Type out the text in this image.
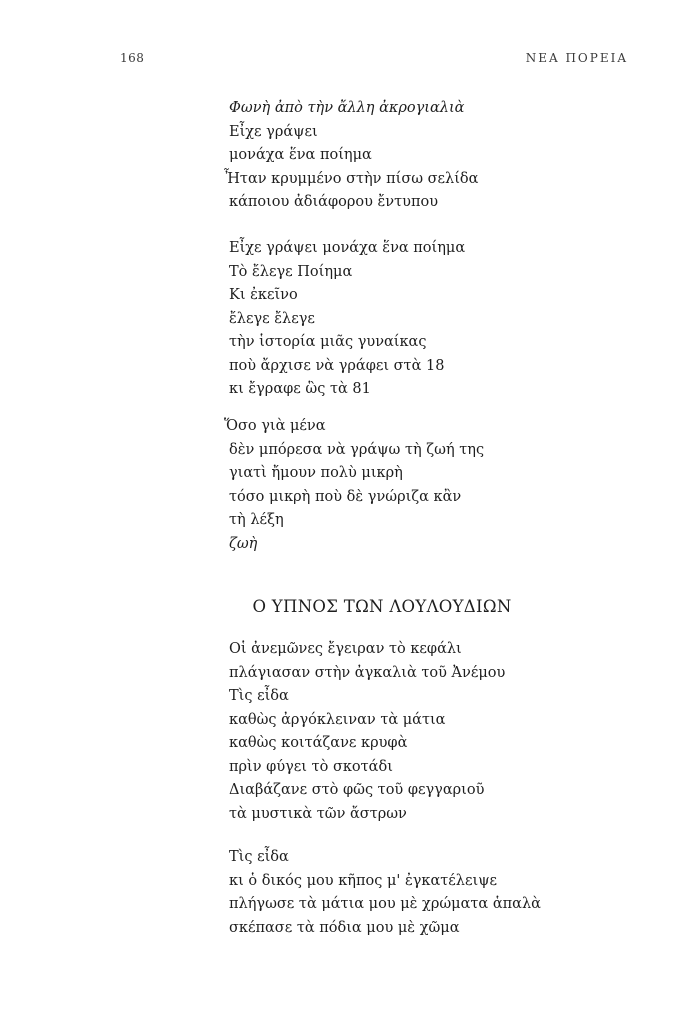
168	ΝΕΑ ΠΟΡΕΙΑ
Φωνὴ ἀπὸ τὴν ἄλλη ἀκρογιαλιὰ
Εἶχε γράψει
μονάχα ἕνα ποίημα
Ἦταν κρυμμένο στὴν πίσω σελίδα
κάποιου ἀδιάφορου ἔντυπου
Εἶχε γράψει μονάχα ἕνα ποίημα
Τὸ ἔλεγε Ποίημα
Κι ἐκεῖνο
ἔλεγε ἔλεγε
τὴν ἱστορία μιᾶς γυναίκας
ποὺ ἄρχισε νὰ γράφει στὰ 18
κι ἔγραφε ὣς τὰ 81
Ὅσο γιὰ μένα
δὲν μπόρεσα νὰ γράψω τὴ ζωή της
γιατὶ ἤμουν πολὺ μικρὴ
τόσο μικρὴ ποὺ δὲ γνώριζα κἂν
τὴ λέξη
ζωὴ
Ο ΥΠΝΟΣ ΤΩΝ ΛΟΥΛΟΥΔΙΩΝ
Οἱ ἀνεμῶνες ἔγειραν τὸ κεφάλι
πλάγιασαν στὴν ἀγκαλιὰ τοῦ Ἀνέμου
Τὶς εἶδα
καθὼς ἀργόκλειναν τὰ μάτια
καθὼς κοιτάζανε κρυφὰ
πρὶν φύγει τὸ σκοτάδι
Διαβάζανε στὸ φῶς τοῦ φεγγαριοῦ
τὰ μυστικὰ τῶν ἄστρων
Τὶς εἶδα
κι ὁ δικός μου κῆπος μ' ἐγκατέλειψε
πλήγωσε τὰ μάτια μου μὲ χρώματα ἁπαλὰ
σκέπασε τὰ πόδια μου μὲ χῶμα
